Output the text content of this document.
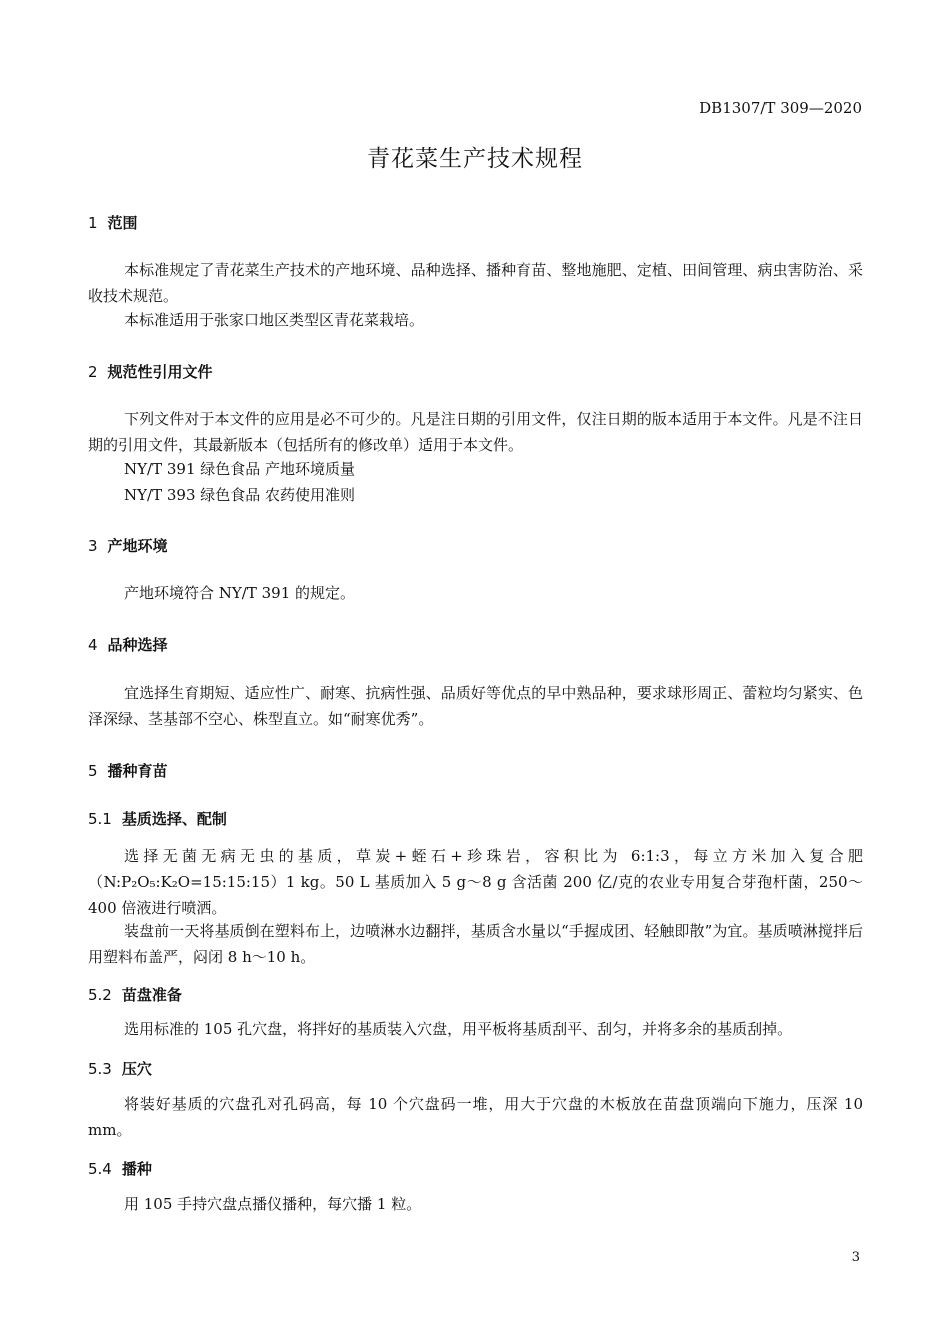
DB1307/T 309—2020
青花菜生产技术规程
1 范围
本标准规定了青花菜生产技术的产地环境、品种选择、播种育苗、整地施肥、定植、田间管理、病虫害防治、采收技术规范。
本标准适用于张家口地区类型区青花菜栽培。
2 规范性引用文件
下列文件对于本文件的应用是必不可少的。凡是注日期的引用文件，仅注日期的版本适用于本文件。凡是不注日期的引用文件，其最新版本（包括所有的修改单）适用于本文件。
NY/T 391 绿色食品 产地环境质量
NY/T 393 绿色食品 农药使用准则
3 产地环境
产地环境符合 NY/T 391 的规定。
4 品种选择
宜选择生育期短、适应性广、耐寒、抗病性强、品质好等优点的早中熟品种，要求球形周正、蕾粒均匀紧实、色泽深绿、茎基部不空心、株型直立。如“耐寒优秀”。
5 播种育苗
5.1 基质选择、配制
选择无菌无病无虫的基质，草炭+蛭石+珍珠岩，容积比为 6:1:3，每立方米加入复合肥（N:P₂O₅:K₂O=15:15:15）1 kg。50 L 基质加入 5 g～8 g 含活菌 200 亿/克的农业专用复合芽孢杆菌，250～400 倍液进行喷洒。
装盘前一天将基质倒在塑料布上，边喷淋水边翻拌，基质含水量以“手握成团、轻触即散”为宜。基质喷淋搅拌后用塑料布盖严，闷闭 8 h～10 h。
5.2 苗盘准备
选用标准的 105 孔穴盘，将拌好的基质装入穴盘，用平板将基质刮平、刮匀，并将多余的基质刮掉。
5.3 压穴
将装好基质的穴盘孔对孔码高，每 10 个穴盘码一堆，用大于穴盘的木板放在苗盘顶端向下施力，压深 10 mm。
5.4 播种
用 105 手持穴盘点播仪播种，每穴播 1 粒。
3
